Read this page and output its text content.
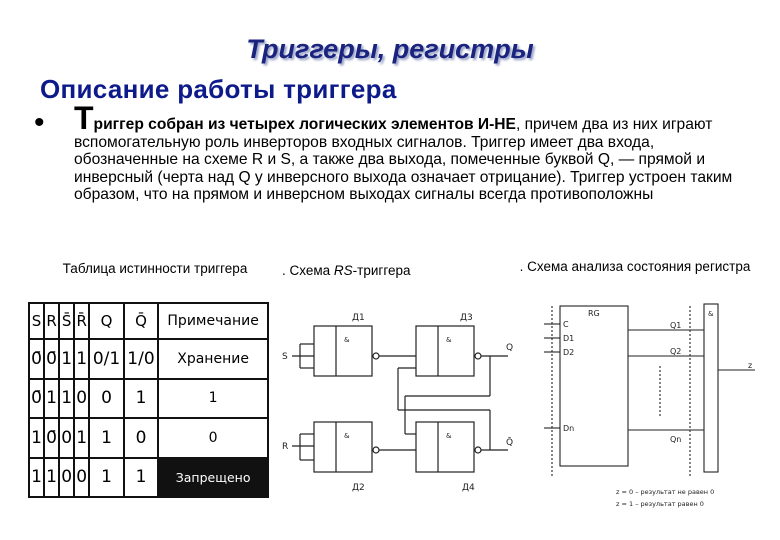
Триггеры, регистры
Описание работы триггера
• Триггер собран из четырех логических элементов И-НЕ, причем два из них играют вспомогательную роль инверторов входных сигналов. Триггер имеет два входа, обозначенные на схеме R и S, а также два выхода, помеченные буквой Q, — прямой и инверсный (черта над Q у инверсного выхода означает отрицание). Триггер устроен таким образом, что на прямом и инверсном выходах сигналы всегда противоположны
Таблица истинности триггера	. Схема RS-триггера	. Схема анализа состояния регистра
S	R	S̄	R̄	Q	Q̄	Примечание
0̄	0̄	1	1	0/1	1/0	Хранение
0̄	1	1	0	0	1	1
1	0̄	0	1	1	0	0
1	1	0	0	1	1	Запрещено
Д1	Д3
Д2	Д4
S
R
Q
Q̄
&
&
&
&
RG
C
D1
D2
Dn
Q1
Q2
Qn
&
z
z = 0 – результат не равен 0
z = 1 – результат равен 0
